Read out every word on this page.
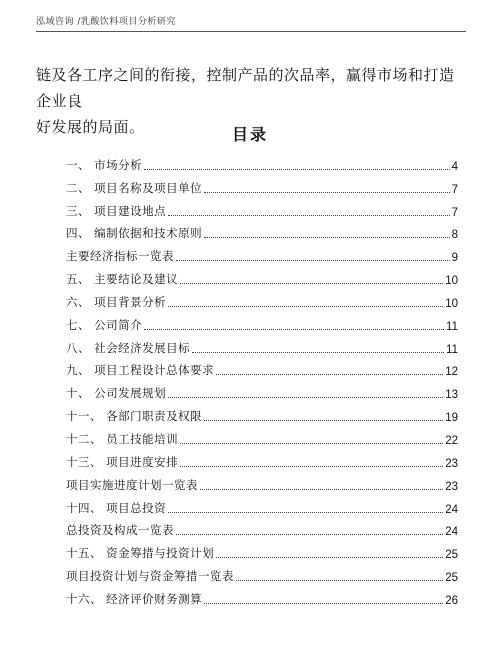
泓域咨询 /乳酸饮料项目分析研究

链及各工序之间的衔接，控制产品的次品率，赢得市场和打造企业良

好发展的局面。	目录
一、 市场分析	4
二、 项目名称及项目单位	7
三、 项目建设地点	7
四、 编制依据和技术原则	8
主要经济指标一览表	9
五、 主要结论及建议	10
六、 项目背景分析	10
七、 公司简介	11
八、 社会经济发展目标	11
九、 项目工程设计总体要求	12
十、 公司发展规划	13
十一、 各部门职责及权限	19
十二、 员工技能培训	22
十三、 项目进度安排	23
项目实施进度计划一览表	23
十四、 项目总投资	24
总投资及构成一览表	24
十五、 资金筹措与投资计划	25
项目投资计划与资金筹措一览表	25
十六、 经济评价财务测算	26
